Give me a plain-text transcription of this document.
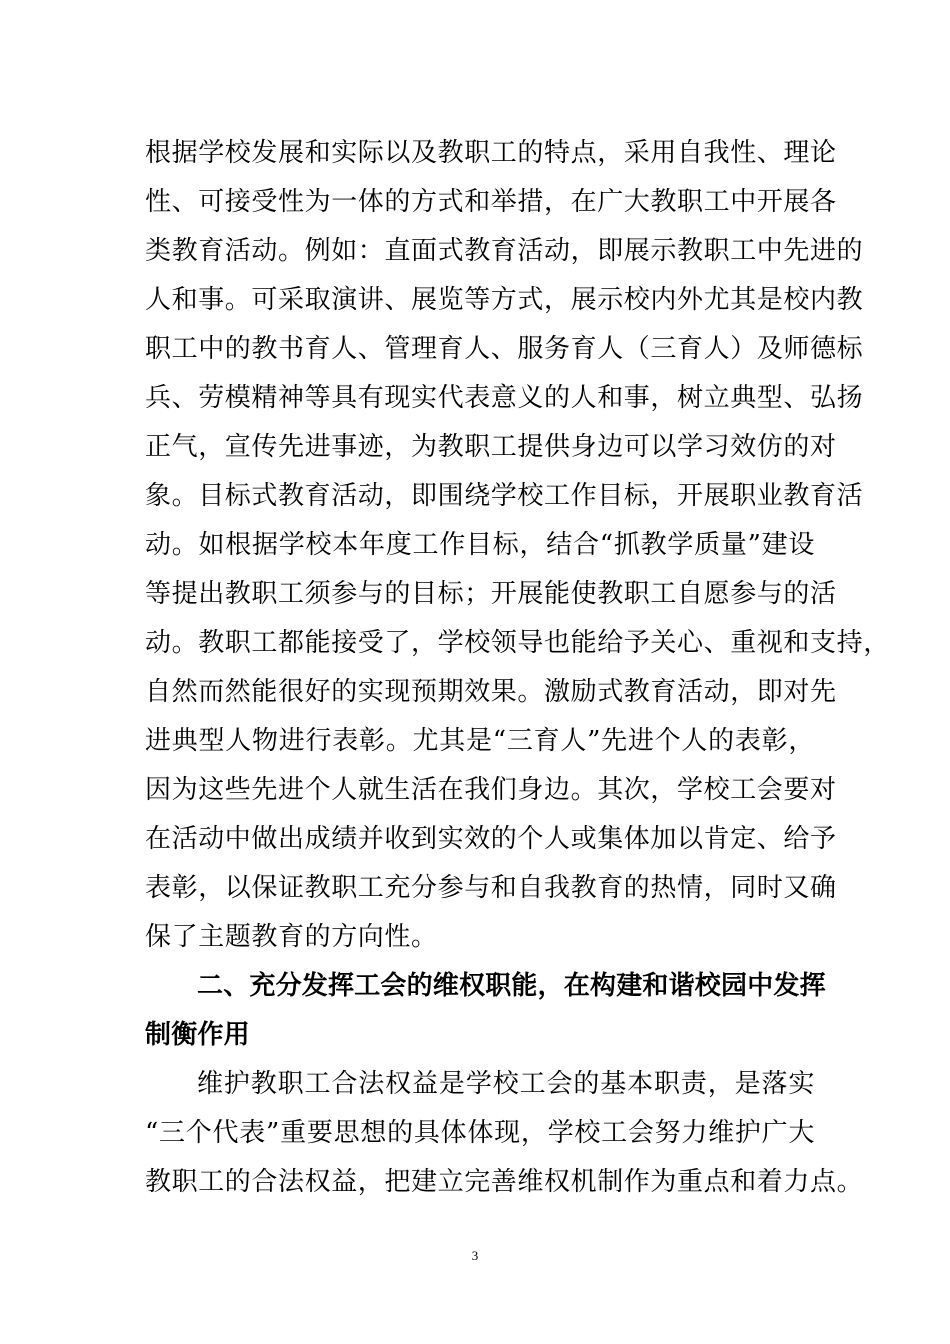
根据学校发展和实际以及教职工的特点，采用自我性、理论
性、可接受性为一体的方式和举措，在广大教职工中开展各
类教育活动。例如：直面式教育活动，即展示教职工中先进的
人和事。可采取演讲、展览等方式，展示校内外尤其是校内教
职工中的教书育人、管理育人、服务育人（三育人）及师德标
兵、劳模精神等具有现实代表意义的人和事，树立典型、弘扬
正气，宣传先进事迹，为教职工提供身边可以学习效仿的对
象。目标式教育活动，即围绕学校工作目标，开展职业教育活
动。如根据学校本年度工作目标，结合“抓教学质量”建设
等提出教职工须参与的目标；开展能使教职工自愿参与的活
动。教职工都能接受了，学校领导也能给予关心、重视和支持，
自然而然能很好的实现预期效果。激励式教育活动，即对先
进典型人物进行表彰。尤其是“三育人”先进个人的表彰，
因为这些先进个人就生活在我们身边。其次，学校工会要对
在活动中做出成绩并收到实效的个人或集体加以肯定、给予
表彰，以保证教职工充分参与和自我教育的热情，同时又确
保了主题教育的方向性。
二、充分发挥工会的维权职能，在构建和谐校园中发挥
制衡作用
维护教职工合法权益是学校工会的基本职责，是落实
“三个代表”重要思想的具体体现，学校工会努力维护广大
教职工的合法权益，把建立完善维权机制作为重点和着力点。
3
